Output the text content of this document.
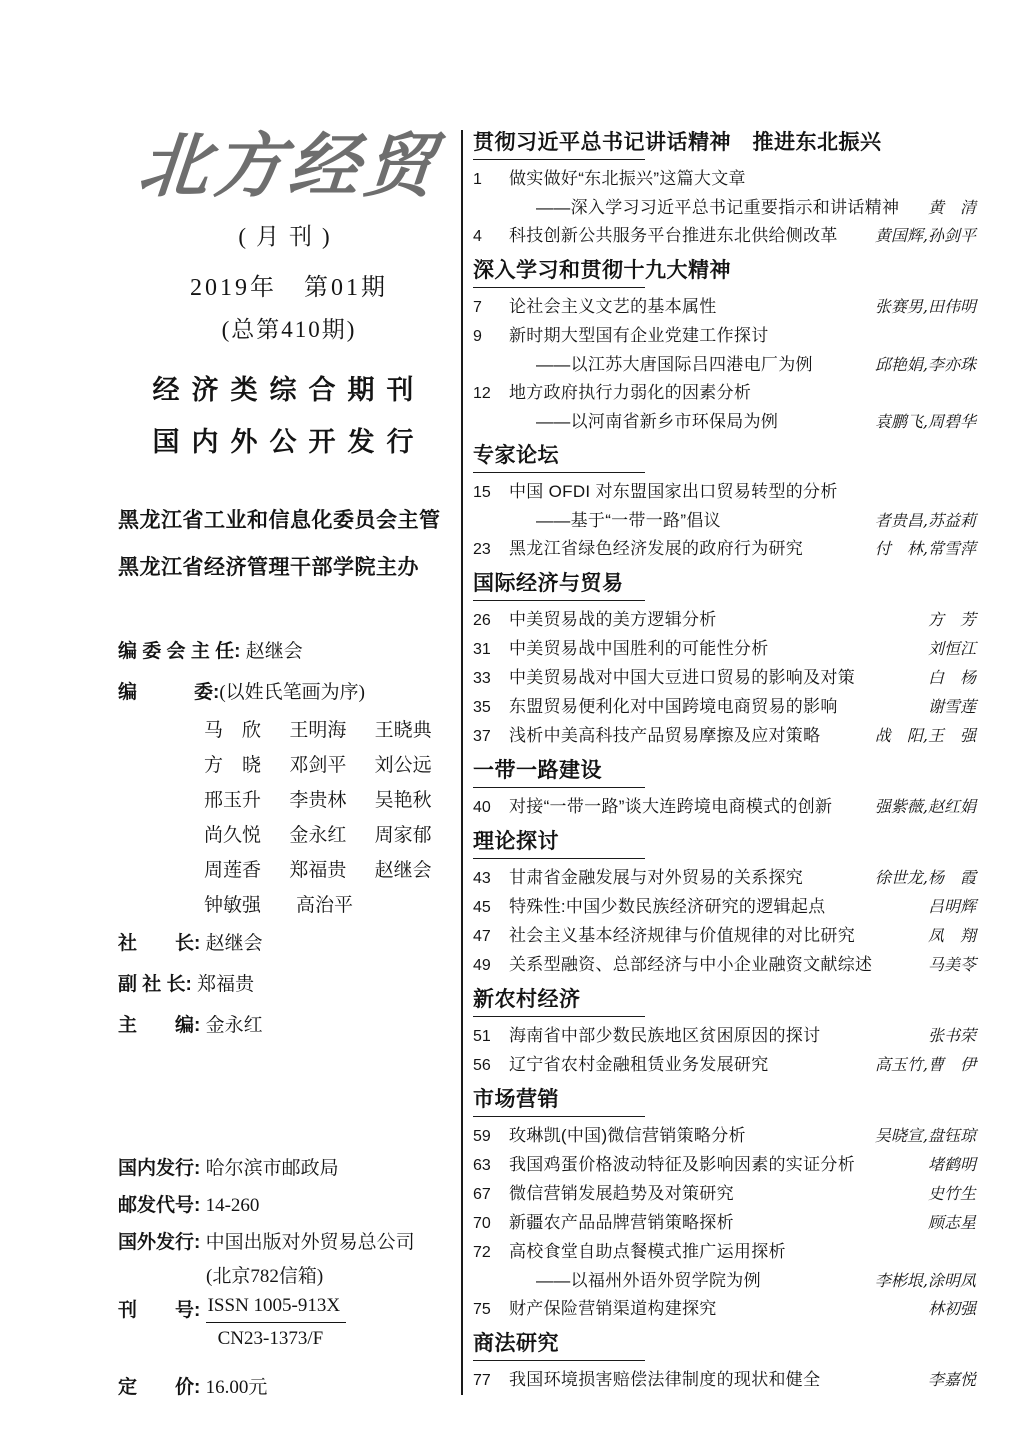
北方经贸
(月刊)
2019年　第01期
(总第410期)
经济类综合期刊
国内外公开发行
黑龙江省工业和信息化委员会主管
黑龙江省经济管理干部学院主办
编 委 会 主 任: 赵继会
编　　　委:(以姓氏笔画为序)
马　欣	王明海	王晓典
方　晓	邓剑平	刘公远
邢玉升	李贵林	吴艳秋
尚久悦	金永红	周家郁
周莲香	郑福贵	赵继会
钟敏强	高治平
社　　长: 赵继会
副 社 长: 郑福贵
主　　编: 金永红
国内发行: 哈尔滨市邮政局
邮发代号: 14-260
国外发行: 中国出版对外贸易总公司
(北京782信箱)
刊　　号: $\frac{\text{ISSN 1005-913X}}{CN23-1373/F}$
定　　价: 16.00元
贯彻习近平总书记讲话精神　推进东北振兴
1	做实做好“东北振兴”这篇大文章
——深入学习习近平总书记重要指示和讲话精神	黄　清
4	科技创新公共服务平台推进东北供给侧改革	黄国辉,孙剑平
深入学习和贯彻十九大精神
7	论社会主义文艺的基本属性	张赛男,田伟明
9	新时期大型国有企业党建工作探讨
——以江苏大唐国际吕四港电厂为例	邱艳娟,李亦珠
12	地方政府执行力弱化的因素分析
——以河南省新乡市环保局为例	袁鹏飞,周碧华
专家论坛
15	中国 OFDI 对东盟国家出口贸易转型的分析
——基于“一带一路”倡议	者贵昌,苏益莉
23	黑龙江省绿色经济发展的政府行为研究	付　林,常雪萍
国际经济与贸易
26	中美贸易战的美方逻辑分析	方　芳
31	中美贸易战中国胜利的可能性分析	刘恒江
33	中美贸易战对中国大豆进口贸易的影响及对策	白　杨
35	东盟贸易便利化对中国跨境电商贸易的影响	谢雪莲
37	浅析中美高科技产品贸易摩擦及应对策略	战　阳,王　强
一带一路建设
40	对接“一带一路”谈大连跨境电商模式的创新	强紫薇,赵红娟
理论探讨
43	甘肃省金融发展与对外贸易的关系探究	徐世龙,杨　霞
45	特殊性:中国少数民族经济研究的逻辑起点	吕明辉
47	社会主义基本经济规律与价值规律的对比研究	凤　翔
49	关系型融资、总部经济与中小企业融资文献综述	马美苓
新农村经济
51	海南省中部少数民族地区贫困原因的探讨	张书荣
56	辽宁省农村金融租赁业务发展研究	高玉竹,曹　伊
市场营销
59	玫琳凯(中国)微信营销策略分析	吴晓宣,盘钰琼
63	我国鸡蛋价格波动特征及影响因素的实证分析	堵鹤明
67	微信营销发展趋势及对策研究	史竹生
70	新疆农产品品牌营销策略探析	顾志星
72	高校食堂自助点餐模式推广运用探析
——以福州外语外贸学院为例	李彬垠,涂明凤
75	财产保险营销渠道构建探究	林初强
商法研究
77	我国环境损害赔偿法律制度的现状和健全	李嘉悦
